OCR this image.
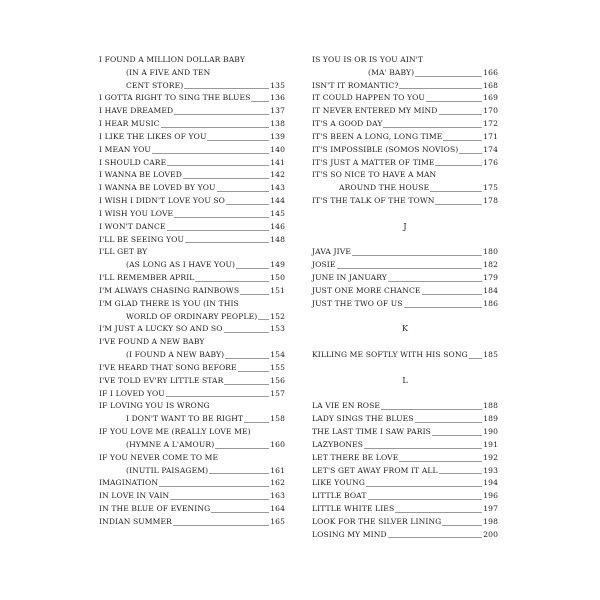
I FOUND A MILLION DOLLAR BABY
(IN A FIVE AND TEN
CENT STORE)	135
I GOTTA RIGHT TO SING THE BLUES	136
I HAVE DREAMED	137
I HEAR MUSIC	138
I LIKE THE LIKES OF YOU	139
I MEAN YOU	140
I SHOULD CARE	141
I WANNA BE LOVED	142
I WANNA BE LOVED BY YOU	143
I WISH I DIDN'T LOVE YOU SO	144
I WISH YOU LOVE	145
I WON'T DANCE	146
I'LL BE SEEING YOU	148
I'LL GET BY
(AS LONG AS I HAVE YOU)	149
I'LL REMEMBER APRIL	150
I'M ALWAYS CHASING RAINBOWS	151
I'M GLAD THERE IS YOU (IN THIS
WORLD OF ORDINARY PEOPLE) 152
I'M JUST A LUCKY SO AND SO	153
I'VE FOUND A NEW BABY
(I FOUND A NEW BABY)	154
I'VE HEARD THAT SONG BEFORE	155
I'VE TOLD EV'RY LITTLE STAR	156
IF I LOVED YOU	157
IF LOVING YOU IS WRONG
I DON'T WANT TO BE RIGHT	158
IF YOU LOVE ME (REALLY LOVE ME)
(HYMNE A L'AMOUR)	160
IF YOU NEVER COME TO ME
(INUTIL PAISAGEM)	161
IMAGINATION	162
IN LOVE IN VAIN	163
IN THE BLUE OF EVENING	164
INDIAN SUMMER	165
IS YOU IS OR IS YOU AIN'T
(MA' BABY)	166
ISN'T IT ROMANTIC?	168
IT COULD HAPPEN TO YOU	169
IT NEVER ENTERED MY MIND	170
IT'S A GOOD DAY	172
IT'S BEEN A LONG, LONG TIME	171
IT'S IMPOSSIBLE (SOMOS NOVIOS)	174
IT'S JUST A MATTER OF TIME	176
IT'S SO NICE TO HAVE A MAN
AROUND THE HOUSE	175
IT'S THE TALK OF THE TOWN	178
J
JAVA JIVE	180
JOSIE	182
JUNE IN JANUARY	179
JUST ONE MORE CHANCE	184
JUST THE TWO OF US	186
K
KILLING ME SOFTLY WITH HIS SONG 185
L
LA VIE EN ROSE	188
LADY SINGS THE BLUES	189
THE LAST TIME I SAW PARIS	190
LAZYBONES	191
LET THERE BE LOVE	192
LET'S GET AWAY FROM IT ALL	193
LIKE YOUNG	194
LITTLE BOAT	196
LITTLE WHITE LIES	197
LOOK FOR THE SILVER LINING	198
LOSING MY MIND	200
